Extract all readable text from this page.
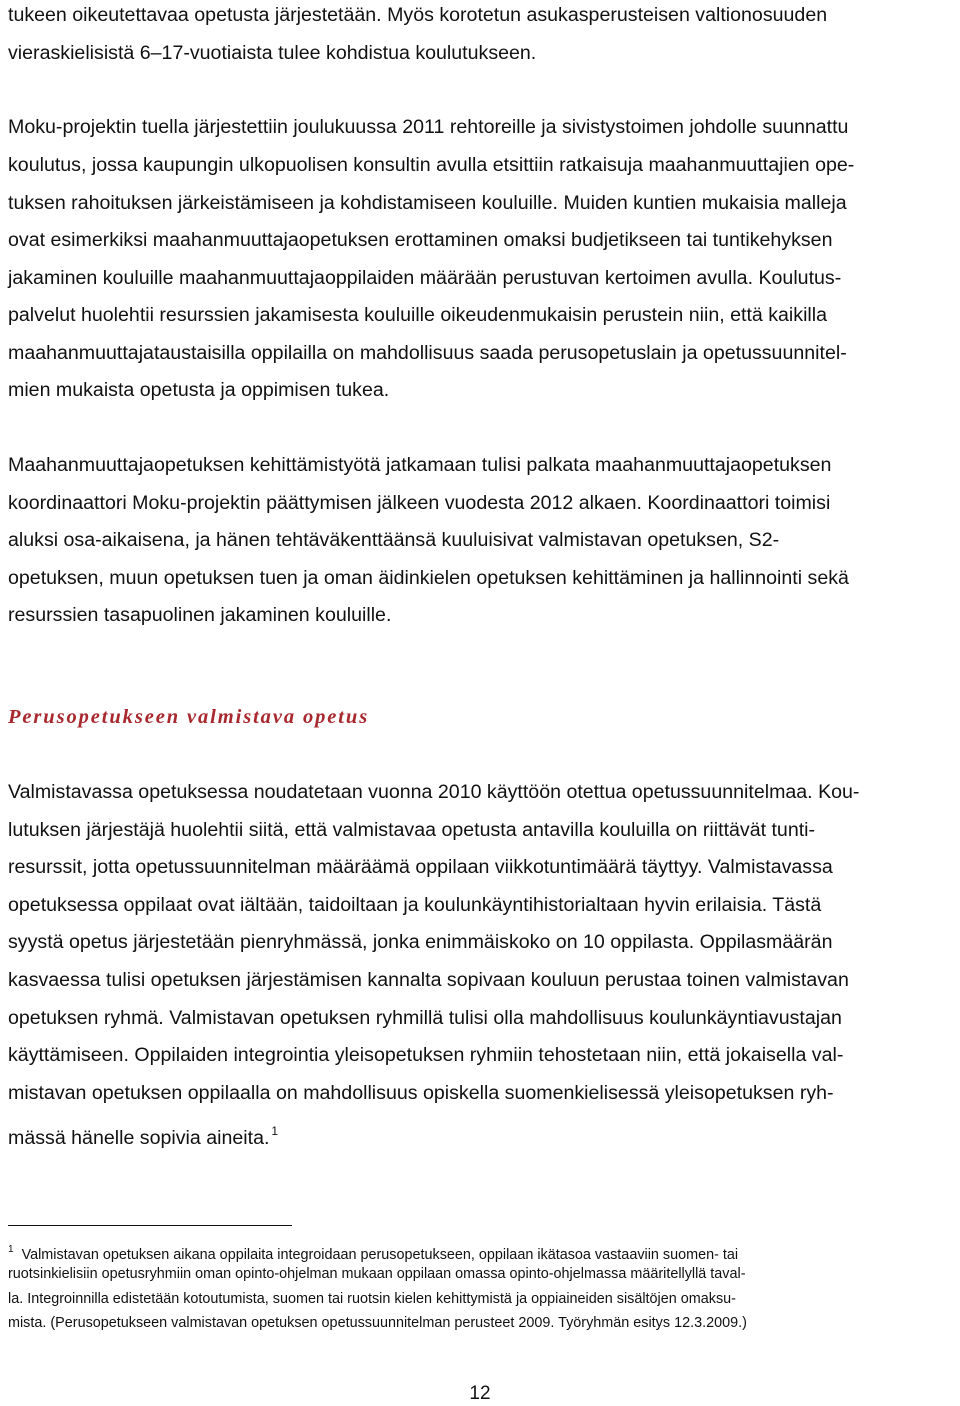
tukeen oikeutettavaa opetusta järjestetään. Myös korotetun asukasperusteisen valtionosuuden

vieraskielisistä 6–17-vuotiaista tulee kohdistua koulutukseen.

Moku-projektin tuella järjestettiin joulukuussa 2011 rehtoreille ja sivistystoimen johdolle suunnattu

koulutus, jossa kaupungin ulkopuolisen konsultin avulla etsittiin ratkaisuja maahanmuuttajien ope-

tuksen rahoituksen järkeistämiseen ja kohdistamiseen kouluille. Muiden kuntien mukaisia malleja

ovat esimerkiksi maahanmuuttajaopetuksen erottaminen omaksi budjetikseen tai tuntikehyksen

jakaminen kouluille maahanmuuttajaoppilaiden määrään perustuvan kertoimen avulla. Koulutus-

palvelut huolehtii resurssien jakamisesta kouluille oikeudenmukaisin perustein niin, että kaikilla

maahanmuuttajataustaisilla oppilailla on mahdollisuus saada perusopetuslain ja opetussuunnitel-

mien mukaista opetusta ja oppimisen tukea.

Maahanmuuttajaopetuksen kehittämistyötä jatkamaan tulisi palkata maahanmuuttajaopetuksen

koordinaattori Moku-projektin päättymisen jälkeen vuodesta 2012 alkaen. Koordinaattori toimisi

aluksi osa-aikaisena, ja hänen tehtäväkenttäänsä kuuluisivat valmistavan opetuksen, S2-

opetuksen, muun opetuksen tuen ja oman äidinkielen opetuksen kehittäminen ja hallinnointi sekä

resurssien tasapuolinen jakaminen kouluille.

Perusopetukseen valmistava opetus

Valmistavassa opetuksessa noudatetaan vuonna 2010 käyttöön otettua opetussuunnitelmaa. Kou-

lutuksen järjestäjä huolehtii siitä, että valmistavaa opetusta antavilla kouluilla on riittävät tunti-

resurssit, jotta opetussuunnitelman määräämä oppilaan viikkotuntimäärä täyttyy. Valmistavassa

opetuksessa oppilaat ovat iältään, taidoiltaan ja koulunkäyntihistorialtaan hyvin erilaisia. Tästä

syystä opetus järjestetään pienryhmässä, jonka enimmäiskoko on 10 oppilasta. Oppilasmäärän

kasvaessa tulisi opetuksen järjestämisen kannalta sopivaan kouluun perustaa toinen valmistavan

opetuksen ryhmä. Valmistavan opetuksen ryhmillä tulisi olla mahdollisuus koulunkäyntiavustajan

käyttämiseen. Oppilaiden integrointia yleisopetuksen ryhmiin tehostetaan niin, että jokaisella val-

mistavan opetuksen oppilaalla on mahdollisuus opiskella suomenkielisessä yleisopetuksen ryh-

mässä hänelle sopivia aineita. $^1$

$^1$ Valmistavan opetuksen aikana oppilaita integroidaan perusopetukseen, oppilaan ikätasoa vastaaviin suomen- tai

ruotsinkielisiin opetusryhmiin oman opinto-ohjelman mukaan oppilaan omassa opinto-ohjelmassa määritellyllä taval-

la. Integroinnilla edistetään kotoutumista, suomen tai ruotsin kielen kehittymistä ja oppiaineiden sisältöjen omaksu-

mista. (Perusopetukseen valmistavan opetuksen opetussuunnitelman perusteet 2009. Työryhmän esitys 12.3.2009.)

12
